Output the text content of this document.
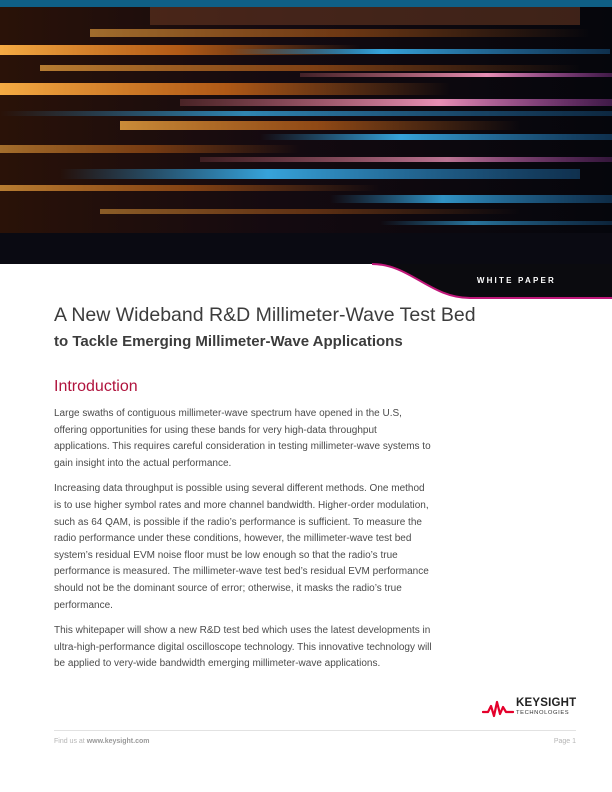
WHITE PAPER
A New Wideband R&D Millimeter-Wave Test Bed
to Tackle Emerging Millimeter-Wave Applications
Introduction

Large swaths of contiguous millimeter-wave spectrum have opened in the U.S, offering opportunities for using these bands for very high-data throughput applications. This requires careful consideration in testing millimeter-wave systems to gain insight into the actual performance.

Increasing data throughput is possible using several different methods. One method is to use higher symbol rates and more channel bandwidth. Higher-order modulation, such as 64 QAM, is possible if the radio’s performance is sufficient. To measure the radio performance under these conditions, however, the millimeter-wave test bed system’s residual EVM noise floor must be low enough so that the radio’s true performance is measured. The millimeter-wave test bed’s residual EVM performance should not be the dominant source of error; otherwise, it masks the radio’s true performance.

This whitepaper will show a new R&D test bed which uses the latest developments in ultra-high-performance digital oscilloscope technology. This innovative technology will be applied to very-wide bandwidth emerging millimeter-wave applications.

KEYSIGHT
TECHNOLOGIES
Find us at www.keysight.com	Page 1
